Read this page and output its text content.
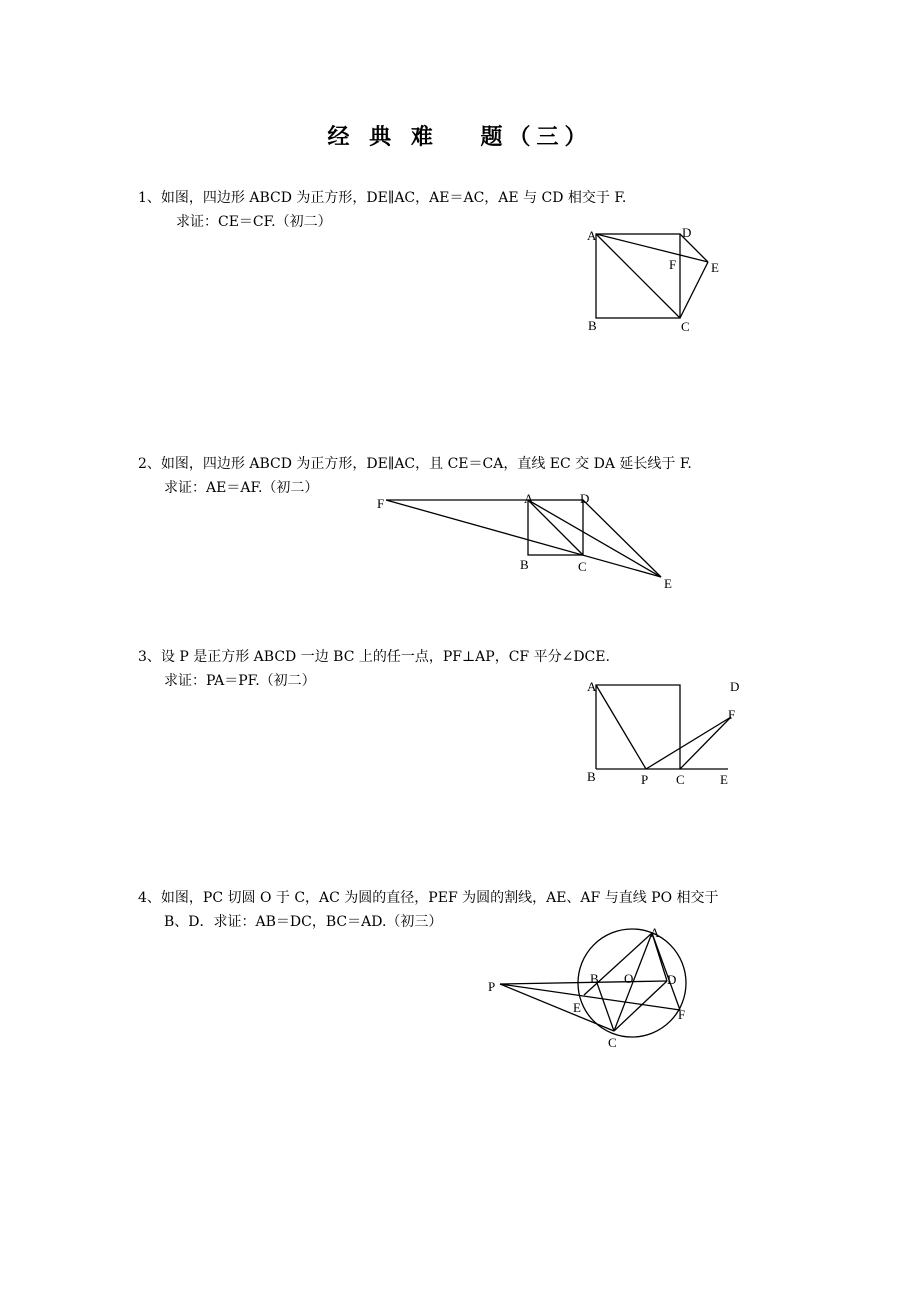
经 典 难　 题（三）
1、如图，四边形 ABCD 为正方形，DE∥AC，AE＝AC，AE 与 CD 相交于 F.
求证：CE＝CF.（初二）
A
B	C
D
E
F
2、如图，四边形 ABCD 为正方形，DE∥AC，且 CE＝CA，直线 EC 交 DA 延长线于 F.
求证：AE＝AF.（初二）
F	A	D
B	C
E
3、设 P 是正方形 ABCD 一边 BC 上的任一点，PF⊥AP，CF 平分∠DCE.
求证：PA＝PF.（初二）	A	D
F
B	P C	E
4、如图，PC 切圆 O 于 C，AC 为圆的直径，PEF 为圆的割线，AE、AF 与直线 PO 相交于
B、D．求证：AB＝DC，BC＝AD.（初三）
A
P
B O	D
E	F
C
